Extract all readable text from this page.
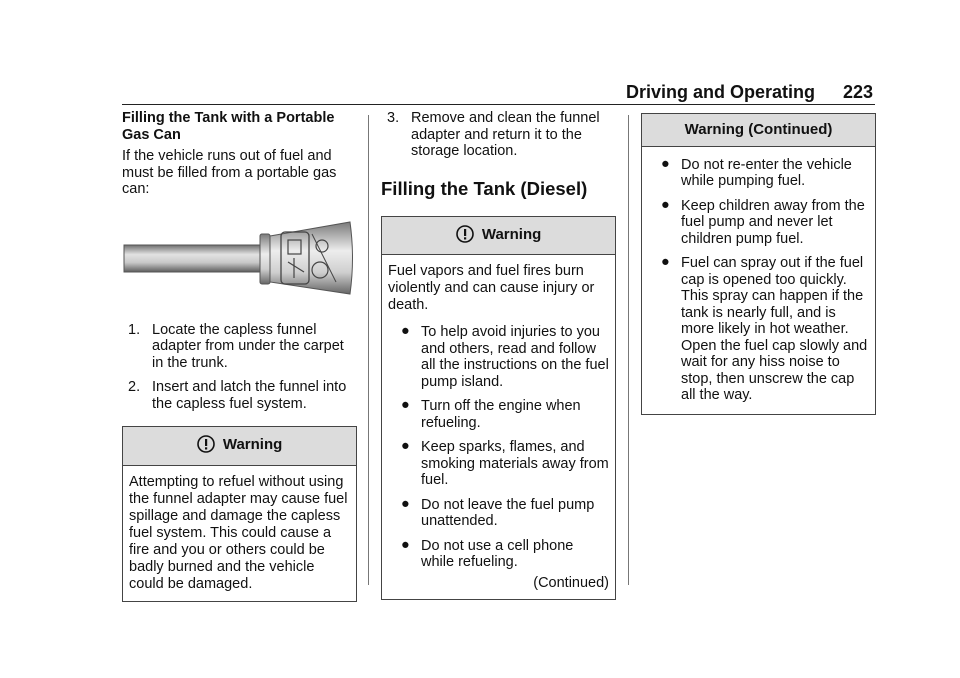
Driving and Operating 223
Filling the Tank with a Portable Gas Can

If the vehicle runs out of fuel and must be filled from a portable gas can:

1. Locate the capless funnel adapter from under the carpet in the trunk.
2. Insert and latch the funnel into the capless fuel system.
Warning

Attempting to refuel without using the funnel adapter may cause fuel spillage and damage the capless fuel system. This could cause a fire and you or others could be badly burned and the vehicle could be damaged.

3. Remove and clean the funnel adapter and return it to the storage location.
Filling the Tank (Diesel)
Warning

Fuel vapors and fuel fires burn violently and can cause injury or death.

● To help avoid injuries to you and others, read and follow all the instructions on the fuel pump island.
● Turn off the engine when refueling.
● Keep sparks, flames, and smoking materials away from fuel.
● Do not leave the fuel pump unattended.
● Do not use a cell phone while refueling.
(Continued)
Warning (Continued)
● Do not re-enter the vehicle while pumping fuel.
● Keep children away from the fuel pump and never let children pump fuel.
● Fuel can spray out if the fuel cap is opened too quickly. This spray can happen if the tank is nearly full, and is more likely in hot weather. Open the fuel cap slowly and wait for any hiss noise to stop, then unscrew the cap all the way.
